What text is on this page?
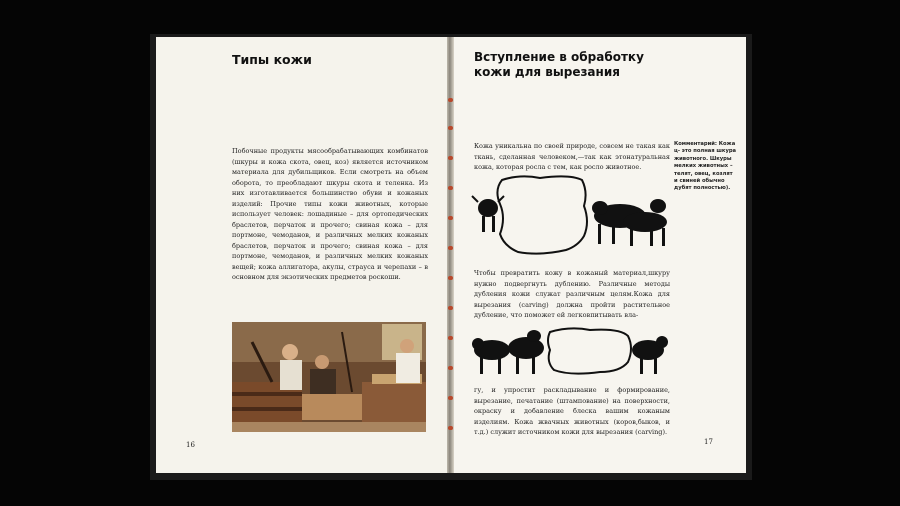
Типы кожи

Побочные продукты мясообрабатывающих комбинатов (шкуры и кожа скота, овец, коз) является источником материала для дубильщиков. Если смотреть на объем оборота, то преобладают шкуры скота и теленка. Из них изготавливается большинство обуви и кожаных изделий: Прочие типы кожи животных, которые использует человек: лошадиные – для ортопедических браслетов, перчаток и прочего; свиная кожа – для портмоне, чемоданов, и различных мелких кожаных браслетов, перчаток и прочего; свиная кожа – для портмоне, чемоданов, и различных мелких кожаных вещей; кожа аллигатора, акулы, страуса и черепахи – в основном для экзотических предметов роскоши.

16
Вступление в обработку кожи для вырезания

Кожа уникальна по своей природе, совсем не такая как ткань, сделанная человеком,—так как этонатуральная кожа, которая росла с тем, как росло животное.

Комментарий: Кожа ц- это полная шкура животного. Шкуры мелких животных – телят, овец, козлят и свиней обычно дубят полностью).

Чтобы превратить кожу в кожаный материал,шкуру нужно подвергнуть дублению. Различные методы дубления кожи служат различным целям.Кожа для вырезания (carving) должна пройти растительное дубление, что поможет ей легковпитывать вла-

гу, и упростит раскладывание и формирование, вырезание, печатание (штампование) на поверхности, окраску и добавление блеска вашим кожаным изделиям. Кожа жвачных животных (коров,быков, и т.д.) служит источником кожи для вырезания (carving).

17
